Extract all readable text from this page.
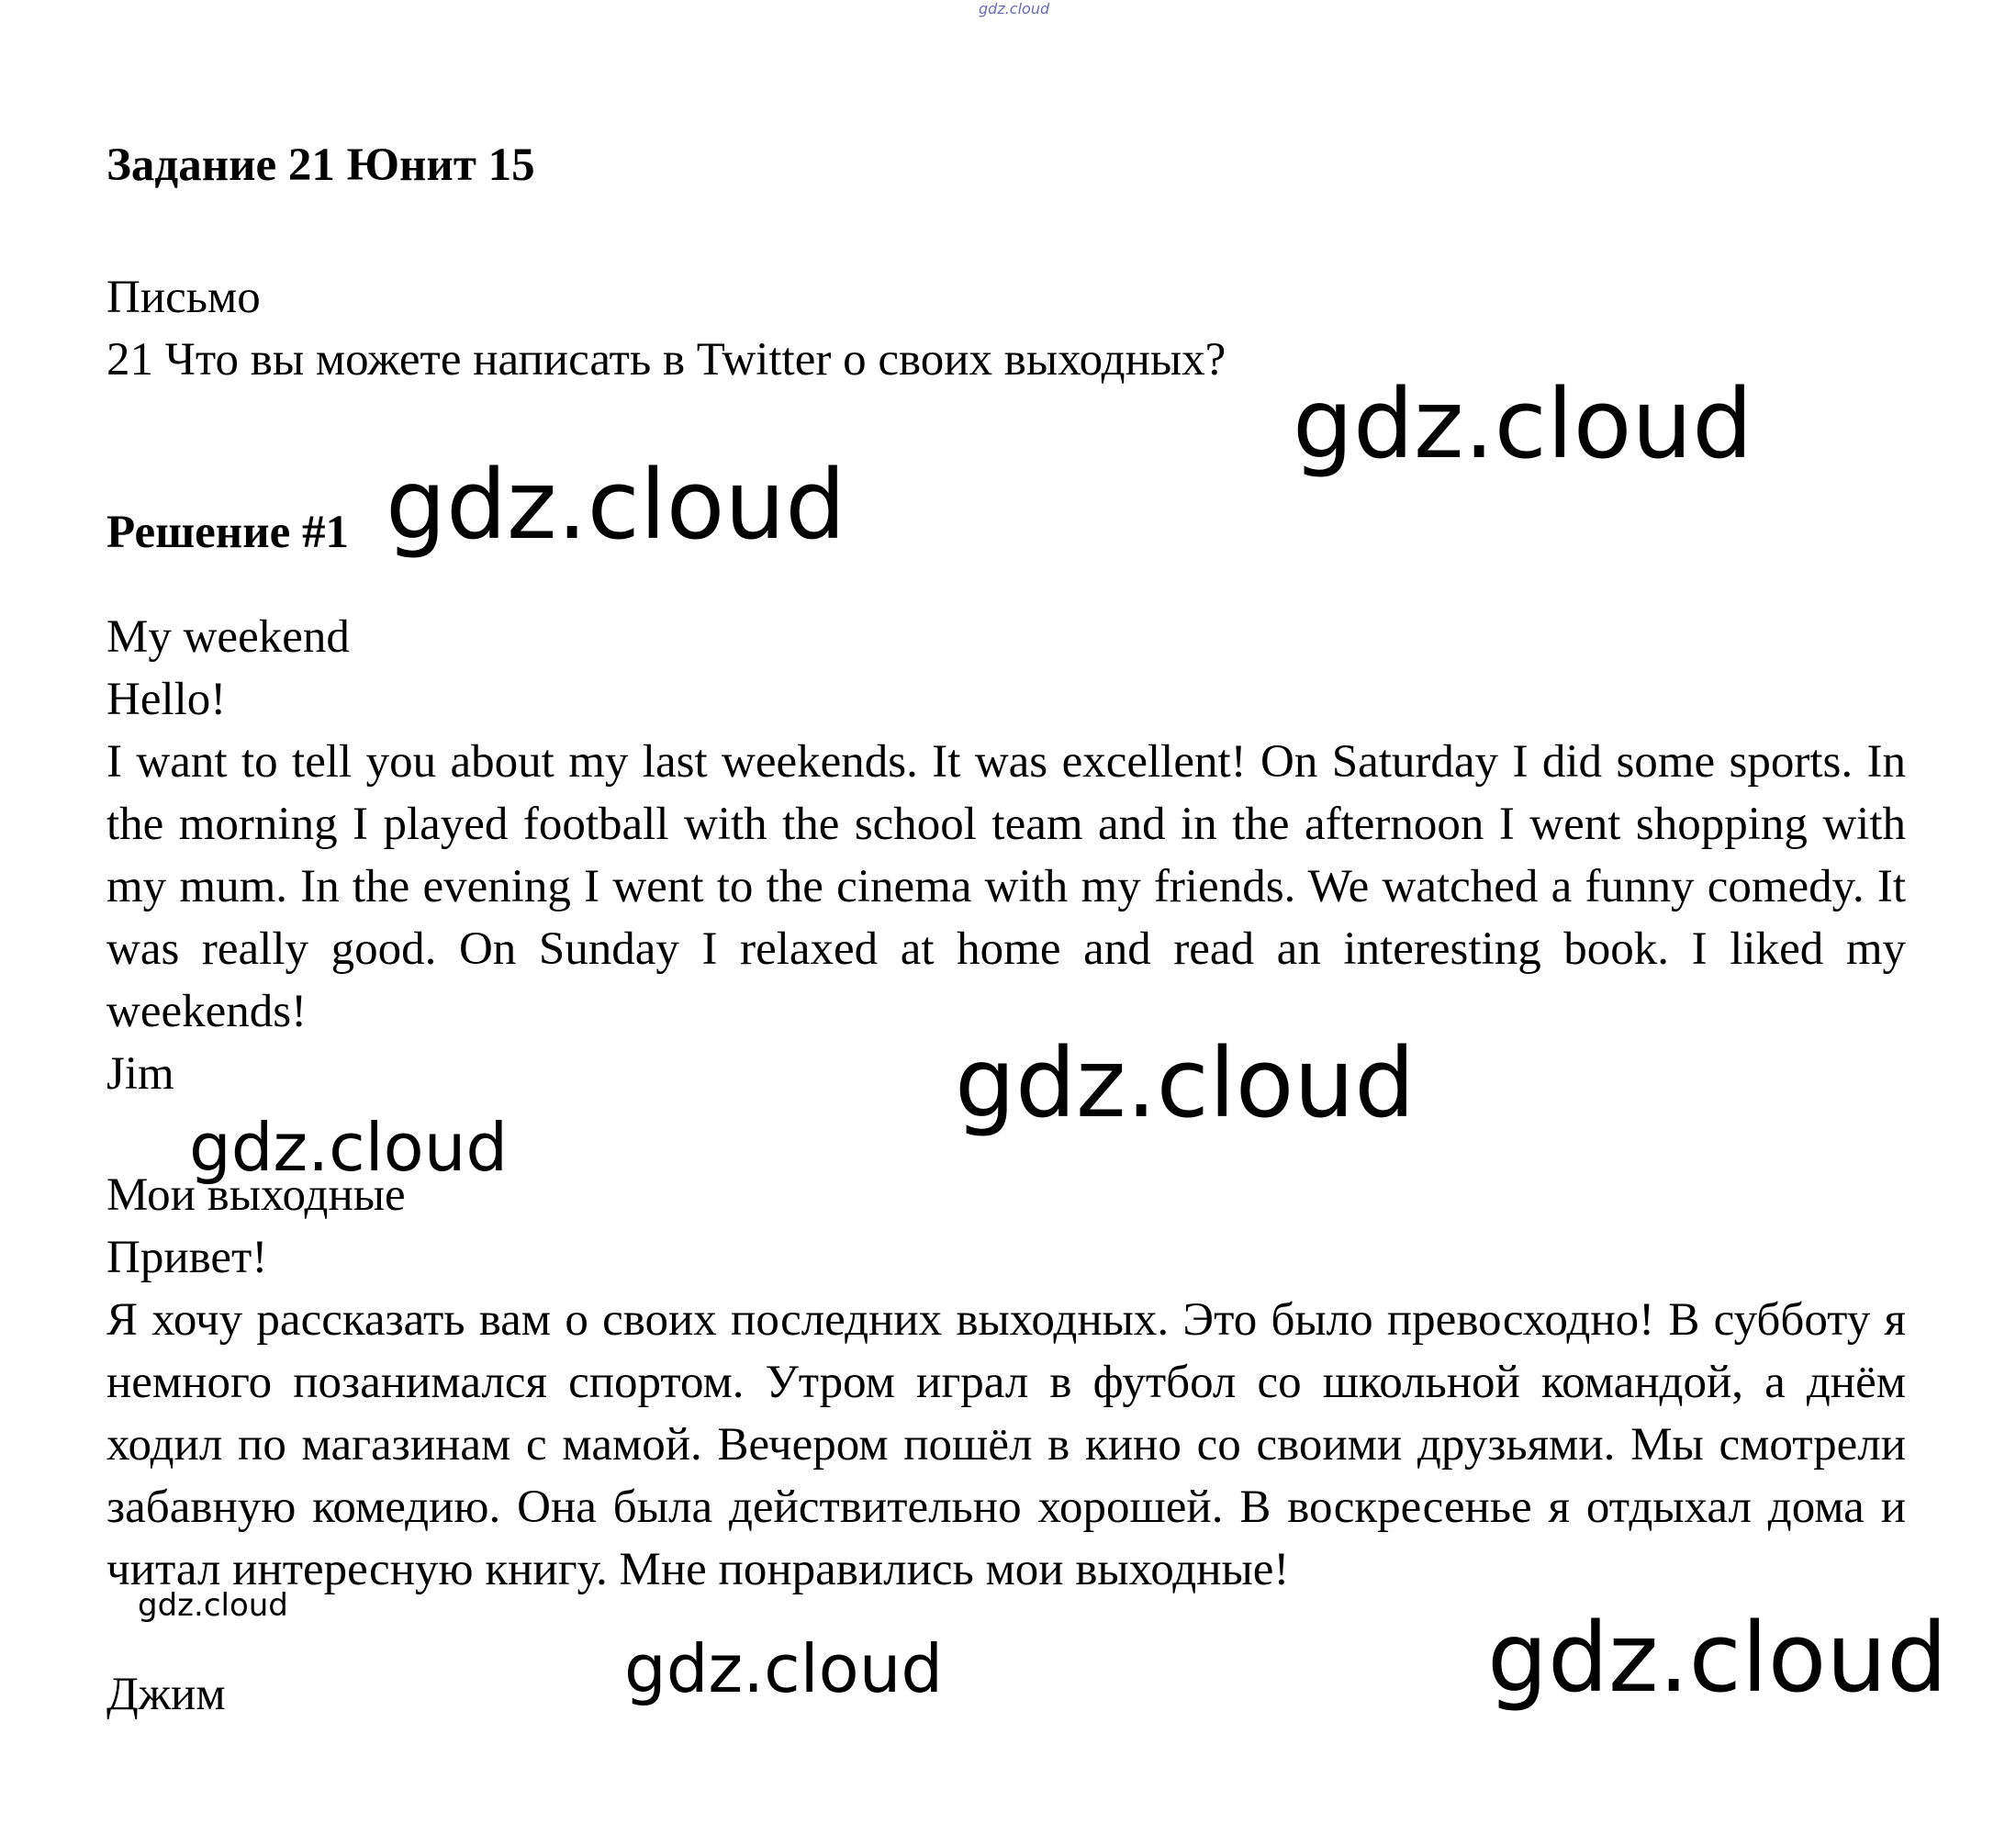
gdz.cloud
Задание 21 Юнит 15
Письмо
21 Что вы можете написать в Twitter о своих выходных?
Решение #1
My weekend
Hello!
I want to tell you about my last weekends. It was excellent! On Saturday I did some sports. In the morning I played football with the school team and in the afternoon I went shopping with my mum. In the evening I went to the cinema with my friends. We watched a funny comedy. It was really good. On Sunday I relaxed at home and read an interesting book. I liked my weekends!
Jim
Мои выходные
Привет!
Я хочу рассказать вам о своих последних выходных. Это было превосходно! В субботу я немного позанимался спортом. Утром играл в футбол со школьной командой, а днём ходил по магазинам с мамой. Вечером пошёл в кино со своими друзьями. Мы смотрели забавную комедию. Она была действительно хорошей. В воскресенье я отдыхал дома и читал интересную книгу. Мне понравились мои выходные!
Джим
gdz.cloud
gdz.cloud
gdz.cloud
gdz.cloud
gdz.cloud
gdz.cloud	gdz.cloud
